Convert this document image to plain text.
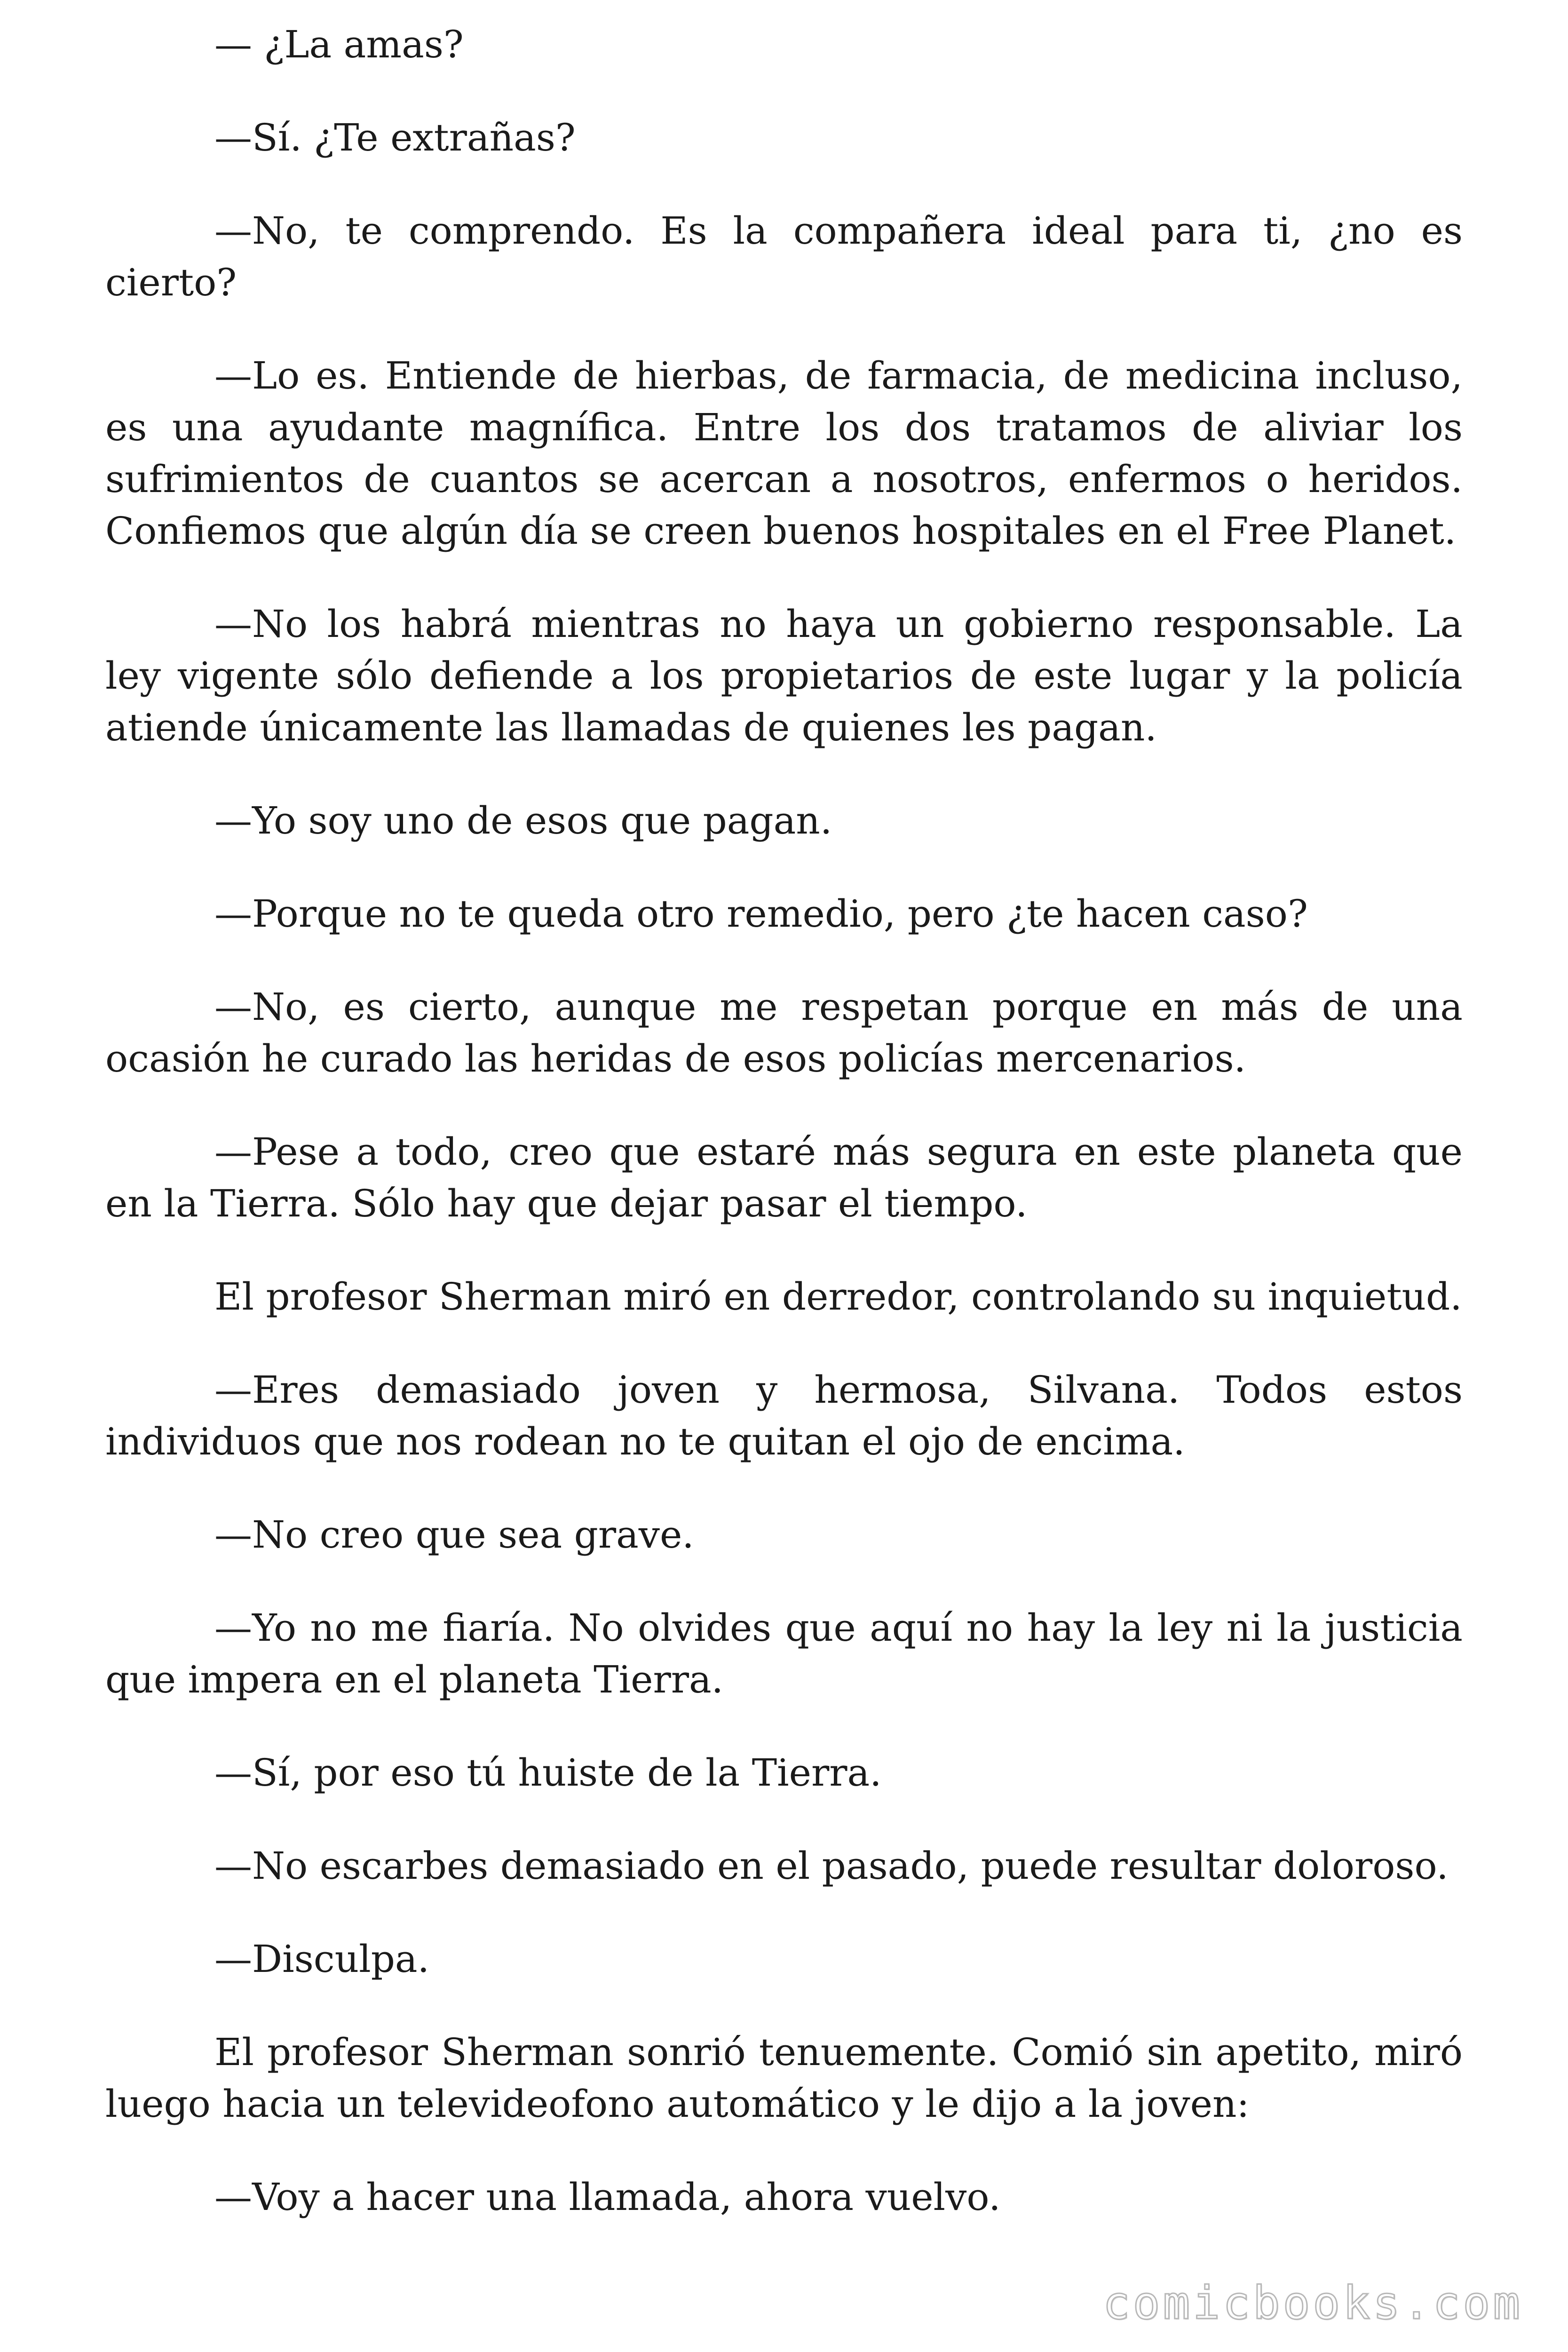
— ¿La amas?

—Sí. ¿Te extrañas?

—No, te comprendo. Es la compañera ideal para ti, ¿no es cierto?

—Lo es. Entiende de hierbas, de farmacia, de medicina incluso, es una ayudante magnífica. Entre los dos tratamos de aliviar los sufrimientos de cuantos se acercan a nosotros, enfermos o heridos. Confiemos que algún día se creen buenos hospitales en el Free Planet.

—No los habrá mientras no haya un gobierno responsable. La ley vigente sólo defiende a los propietarios de este lugar y la policía atiende únicamente las llamadas de quienes les pagan.

—Yo soy uno de esos que pagan.

—Porque no te queda otro remedio, pero ¿te hacen caso?

—No, es cierto, aunque me respetan porque en más de una ocasión he curado las heridas de esos policías mercenarios.

—Pese a todo, creo que estaré más segura en este planeta que en la Tierra. Sólo hay que dejar pasar el tiempo.

El profesor Sherman miró en derredor, controlando su inquietud.

—Eres demasiado joven y hermosa, Silvana. Todos estos individuos que nos rodean no te quitan el ojo de encima.

—No creo que sea grave.

—Yo no me fiaría. No olvides que aquí no hay la ley ni la justicia que impera en el planeta Tierra.

—Sí, por eso tú huiste de la Tierra.

—No escarbes demasiado en el pasado, puede resultar doloroso.

—Disculpa.

El profesor Sherman sonrió tenuemente. Comió sin apetito, miró luego hacia un televideofono automático y le dijo a la joven:

—Voy a hacer una llamada, ahora vuelvo.

comicbooks.com
